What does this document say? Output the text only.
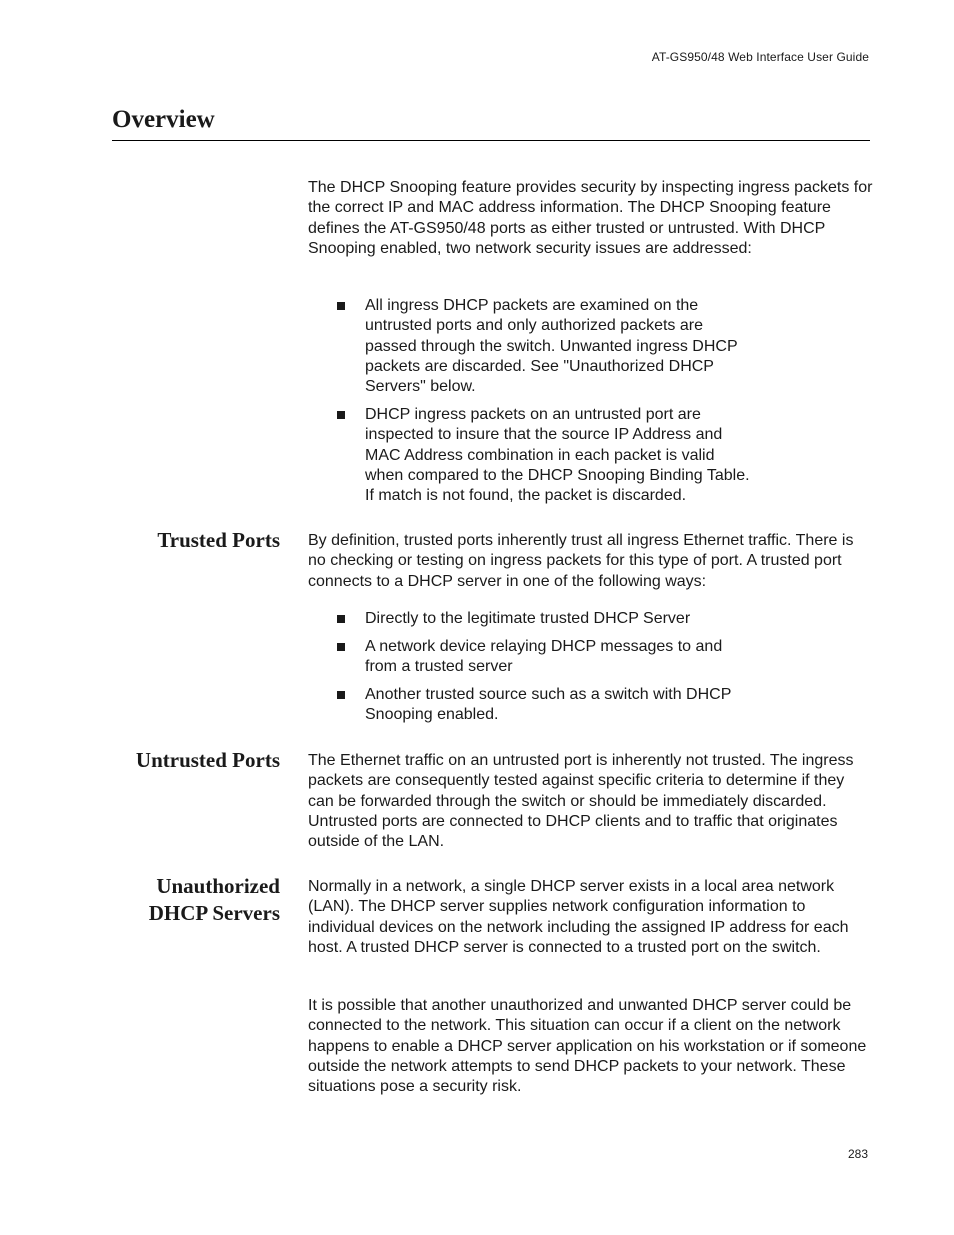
AT-GS950/48 Web Interface User Guide
Overview

The DHCP Snooping feature provides security by inspecting ingress packets for the correct IP and MAC address information. The DHCP Snooping feature defines the AT-GS950/48 ports as either trusted or untrusted. With DHCP Snooping enabled, two network security issues are addressed:

All ingress DHCP packets are examined on the
untrusted ports and only authorized packets are
passed through the switch. Unwanted ingress DHCP
packets are discarded. See "Unauthorized DHCP
Servers" below.
DHCP ingress packets on an untrusted port are
inspected to insure that the source IP Address and
MAC Address combination in each packet is valid
when compared to the DHCP Snooping Binding Table.
If match is not found, the packet is discarded.
Trusted Ports By definition, trusted ports inherently trust all ingress Ethernet traffic. There is no checking or testing on ingress packets for this type of port. A trusted port connects to a DHCP server in one of the following ways:

Directly to the legitimate trusted DHCP Server
A network device relaying DHCP messages to and
from a trusted server
Another trusted source such as a switch with DHCP
Snooping enabled.
Untrusted Ports The Ethernet traffic on an untrusted port is inherently not trusted. The ingress packets are consequently tested against specific criteria to determine if they can be forwarded through the switch or should be immediately discarded. Untrusted ports are connected to DHCP clients and to traffic that originates outside of the LAN.

Unauthorized
DHCP Servers

Normally in a network, a single DHCP server exists in a local area network (LAN). The DHCP server supplies network configuration information to individual devices on the network including the assigned IP address for each host. A trusted DHCP server is connected to a trusted port on the switch.

It is possible that another unauthorized and unwanted DHCP server could be connected to the network. This situation can occur if a client on the network happens to enable a DHCP server application on his workstation or if someone outside the network attempts to send DHCP packets to your network. These situations pose a security risk.

283
